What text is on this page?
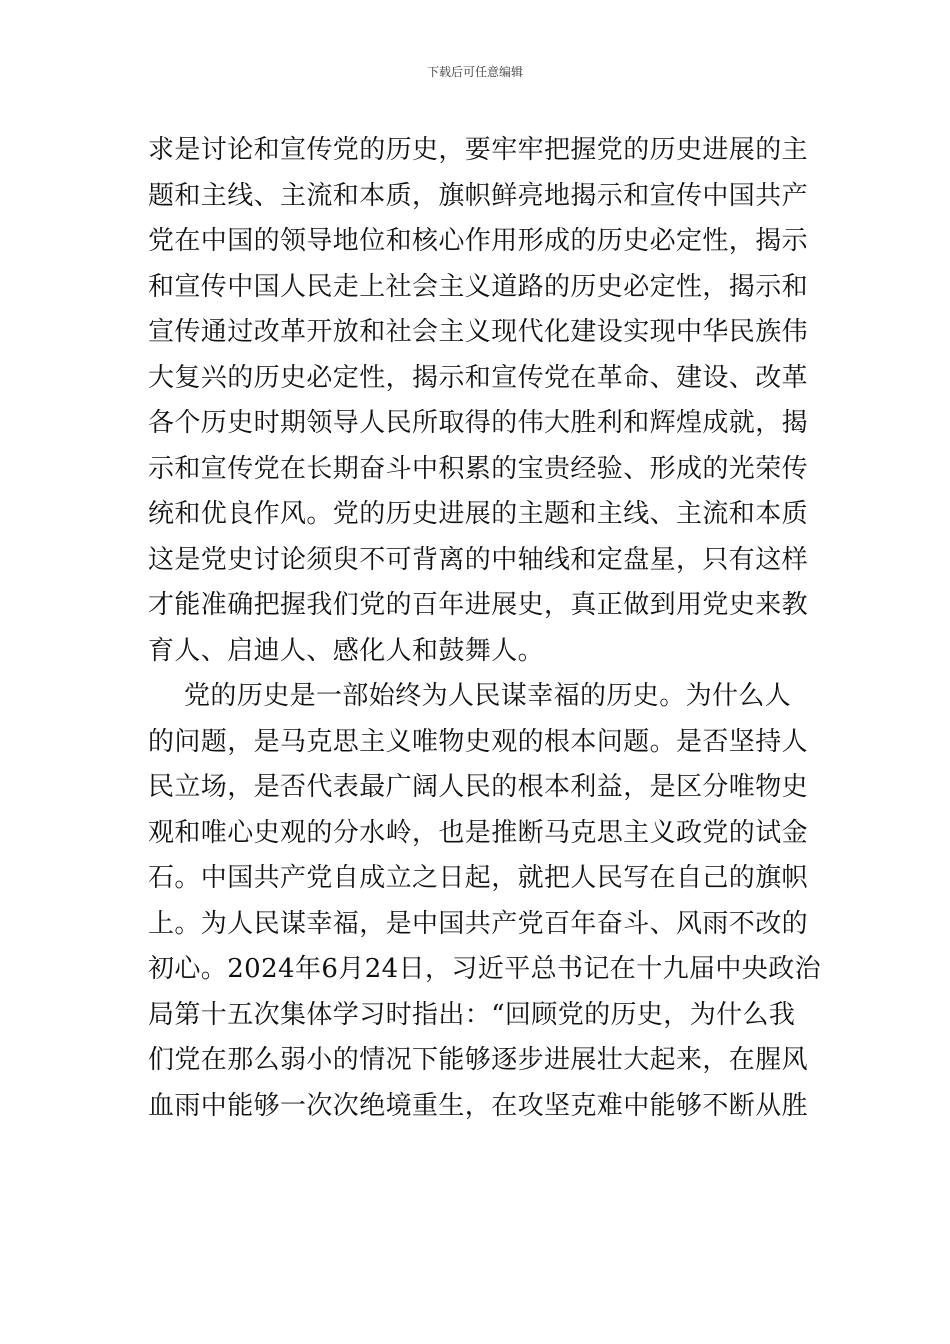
下载后可任意编辑
求是讨论和宣传党的历史，要牢牢把握党的历史进展的主
题和主线、主流和本质，旗帜鲜亮地揭示和宣传中国共产
党在中国的领导地位和核心作用形成的历史必定性，揭示
和宣传中国人民走上社会主义道路的历史必定性，揭示和
宣传通过改革开放和社会主义现代化建设实现中华民族伟
大复兴的历史必定性，揭示和宣传党在革命、建设、改革
各个历史时期领导人民所取得的伟大胜利和辉煌成就，揭
示和宣传党在长期奋斗中积累的宝贵经验、形成的光荣传
统和优良作风。党的历史进展的主题和主线、主流和本质
这是党史讨论须臾不可背离的中轴线和定盘星，只有这样
才能准确把握我们党的百年进展史，真正做到用党史来教
育人、启迪人、感化人和鼓舞人。
党的历史是一部始终为人民谋幸福的历史。为什么人
的问题，是马克思主义唯物史观的根本问题。是否坚持人
民立场，是否代表最广阔人民的根本利益，是区分唯物史
观和唯心史观的分水岭，也是推断马克思主义政党的试金
石。中国共产党自成立之日起，就把人民写在自己的旗帜
上。为人民谋幸福，是中国共产党百年奋斗、风雨不改的
初心。2024年6月24日，习近平总书记在十九届中央政治
局第十五次集体学习时指出：“回顾党的历史，为什么我
们党在那么弱小的情况下能够逐步进展壮大起来，在腥风
血雨中能够一次次绝境重生，在攻坚克难中能够不断从胜
